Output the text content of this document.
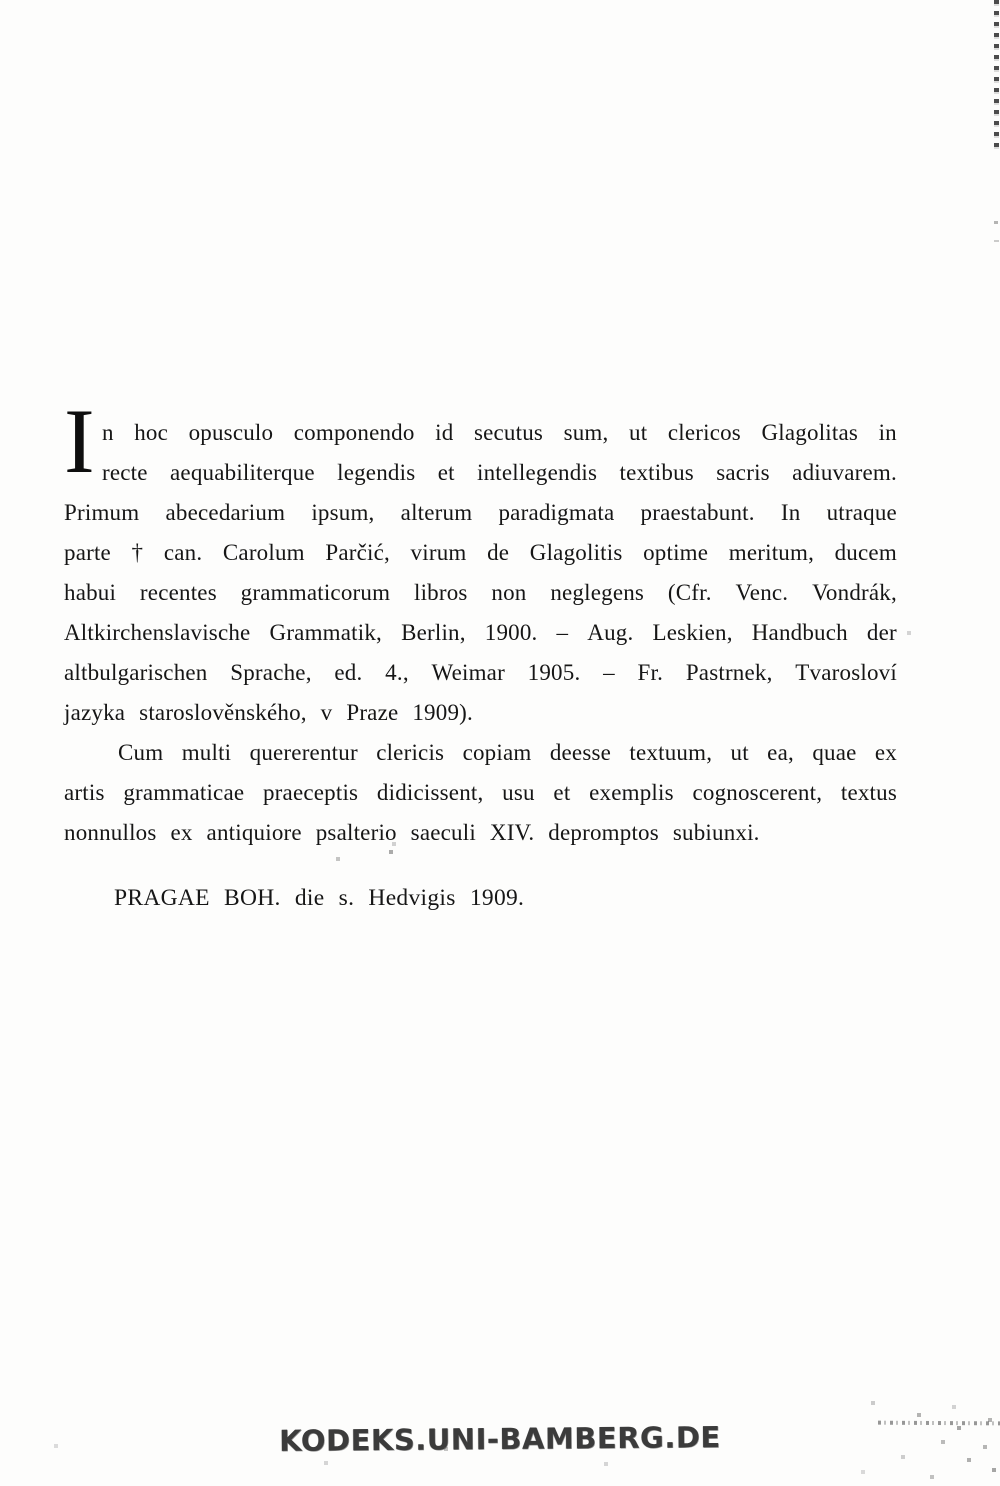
I n hoc opusculo componendo id secutus sum, ut clericos Glagolitas in
recte aequabiliterque legendis et intellegendis textibus sacris adiuvarem.
Primum abecedarium ipsum, alterum paradigmata praestabunt. In utraque
parte † can. Carolum Parčić, virum de Glagolitis optime meritum, ducem
habui recentes grammaticorum libros non neglegens (Cfr. Venc. Vondrák,
Altkirchenslavische Grammatik, Berlin, 1900. – Aug. Leskien, Handbuch der
altbulgarischen Sprache, ed. 4., Weimar 1905. – Fr. Pastrnek, Tvarosloví
jazyka staroslověnského, v Praze 1909).
Cum multi quererentur clericis copiam deesse textuum, ut ea, quae ex
artis grammaticae praeceptis didicissent, usu et exemplis cognoscerent, textus
nonnullos ex antiquiore psalterio saeculi XIV. depromptos subiunxi.
PRAGAE BOH. die s. Hedvigis 1909.
KODEKS.UNI-BAMBERG.DE
